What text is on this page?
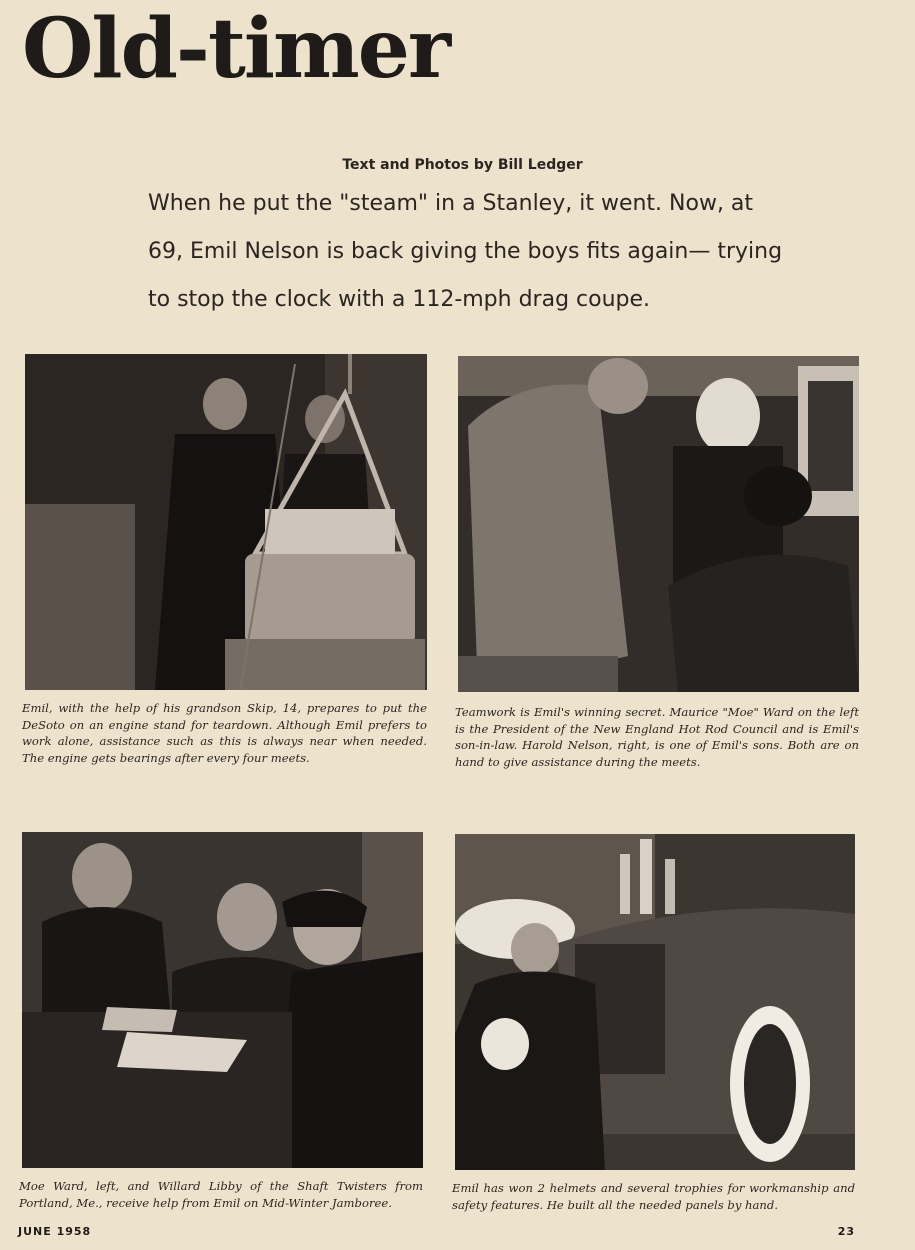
Old-timer
Text and Photos by Bill Ledger

When he put the "steam" in a Stanley, it went. Now, at 69, Emil Nelson is back giving the boys fits again— trying to stop the clock with a 112-mph drag coupe.

Emil, with the help of his grandson Skip, 14, prepares to put the DeSoto on an engine stand for teardown. Although Emil prefers to work alone, assistance such as this is always near when needed. The engine gets bearings after every four meets.

Teamwork is Emil's winning secret. Maurice "Moe" Ward on the left is the President of the New England Hot Rod Council and is Emil's son-in-law. Harold Nelson, right, is one of Emil's sons. Both are on hand to give assistance during the meets.

Moe Ward, left, and Willard Libby of the Shaft Twisters from Portland, Me., receive help from Emil on Mid-Winter Jamboree.

Emil has won 2 helmets and several trophies for workmanship and safety features. He built all the needed panels by hand.

JUNE 1958	23
